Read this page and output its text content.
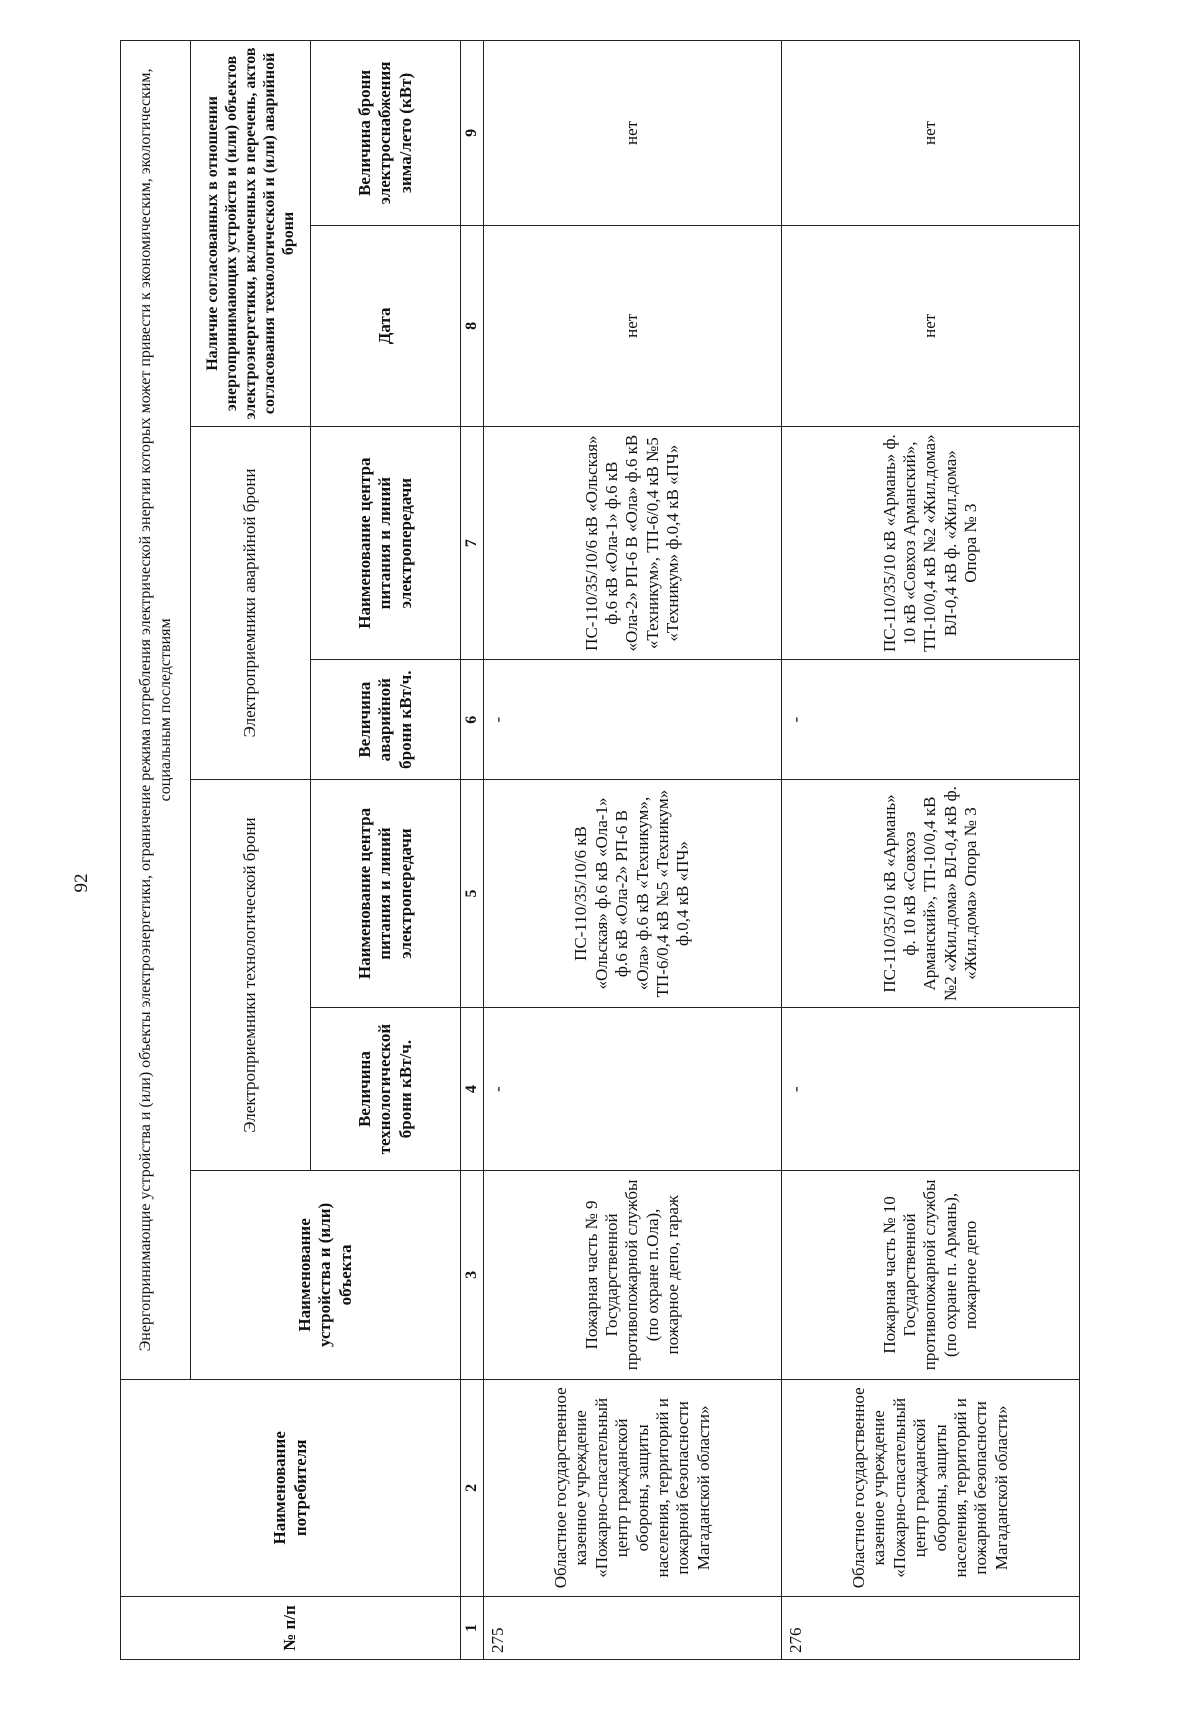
92
№ п/п	Наименование потребителя	Энергопринимающие устройства и (или) объекты электроэнергетики, ограничение режима потребления электрической энергии которых может привести к экономическим, экологическим, социальным последствиям						
		Наименование устройства и (или) объекта	Электроприемники технологической брони		Электроприемники аварийной брони		Наличие согласованных в отношении энергопринимающих устройств и (или) объектов электроэнергетики, включенных в перечень, актов согласования технологической и (или) аварийной брони	
			Величина технологической брони кВт/ч.	Наименование центра питания и линий электропередачи	Величина аварийной брони кВт/ч.	Наименование центра питания и линий электропередачи	Дата	Величина брони электроснабжения зима/лето (кВт)
1	2	3	4	5	6	7	8	9
275	Областное государственное казенное учреждение «Пожарно-спасательный центр гражданской обороны, защиты населения, территорий и пожарной безопасности Магаданской области»	Пожарная часть № 9 Государственной противопожарной службы (по охране п.Ола), пожарное депо, гараж	-	ПС-110/35/10/6 кВ «Ольская» ф.6 кВ «Ола-1» ф.6 кВ «Ола-2» РП-6 В «Ола» ф.6 кВ «Техникум», ТП-6/0,4 кВ №5 «Техникум» ф.0,4 кВ «ПЧ»	-	ПС-110/35/10/6 кВ «Ольская» ф.6 кВ «Ола-1» ф.6 кВ «Ола-2» РП-6 В «Ола» ф.6 кВ «Техникум», ТП-6/0,4 кВ №5 «Техникум» ф.0,4 кВ «ПЧ»	нет	нет
276	Областное государственное казенное учреждение «Пожарно-спасательный центр гражданской обороны, защиты населения, территорий и пожарной безопасности Магаданской области»	Пожарная часть № 10 Государственной противопожарной службы (по охране п. Армань), пожарное депо	-	ПС-110/35/10 кВ «Армань» ф. 10 кВ «Совхоз Арманский», ТП-10/0,4 кВ №2 «Жил.дома» ВЛ-0,4 кВ ф. «Жил.дома» Опора № 3	-	ПС-110/35/10 кВ «Армань» ф. 10 кВ «Совхоз Арманский», ТП-10/0,4 кВ №2 «Жил.дома» ВЛ-0,4 кВ ф. «Жил.дома» Опора № 3	нет	нет
